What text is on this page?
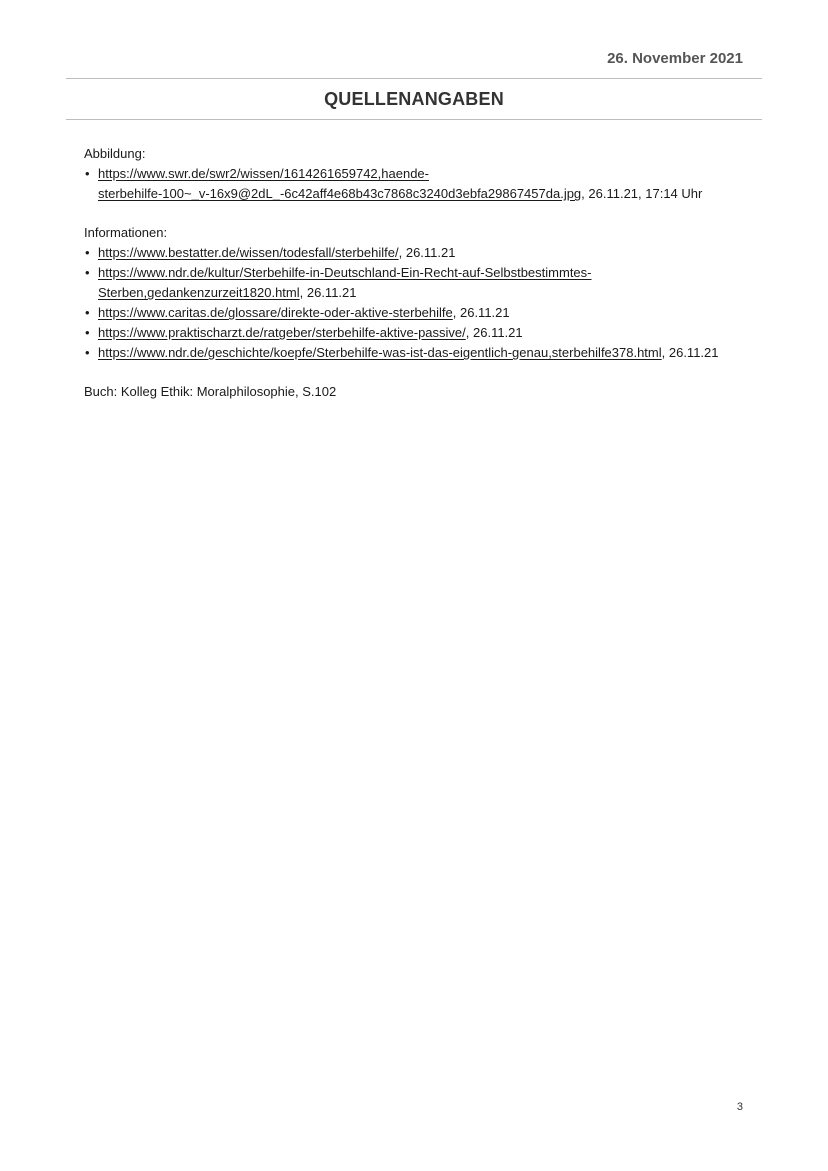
26. November 2021
QUELLENANGABEN

Abbildung:

• https://www.swr.de/swr2/wissen/1614261659742,haende-
sterbehilfe-100~_v-16x9@2dL_-6c42aff4e68b43c7868c3240d3ebfa29867457da.jpg, 26.11.21, 17:14 Uhr

Informationen:

• https://www.bestatter.de/wissen/todesfall/sterbehilfe/, 26.11.21
• https://www.ndr.de/kultur/Sterbehilfe-in-Deutschland-Ein-Recht-auf-Selbstbestimmtes-
Sterben,gedankenzurzeit1820.html, 26.11.21
• https://www.caritas.de/glossare/direkte-oder-aktive-sterbehilfe, 26.11.21
• https://www.praktischarzt.de/ratgeber/sterbehilfe-aktive-passive/, 26.11.21
• https://www.ndr.de/geschichte/koepfe/Sterbehilfe-was-ist-das-eigentlich-genau,sterbehilfe378.html, 26.11.21

Buch: Kolleg Ethik: Moralphilosophie, S.102

3
